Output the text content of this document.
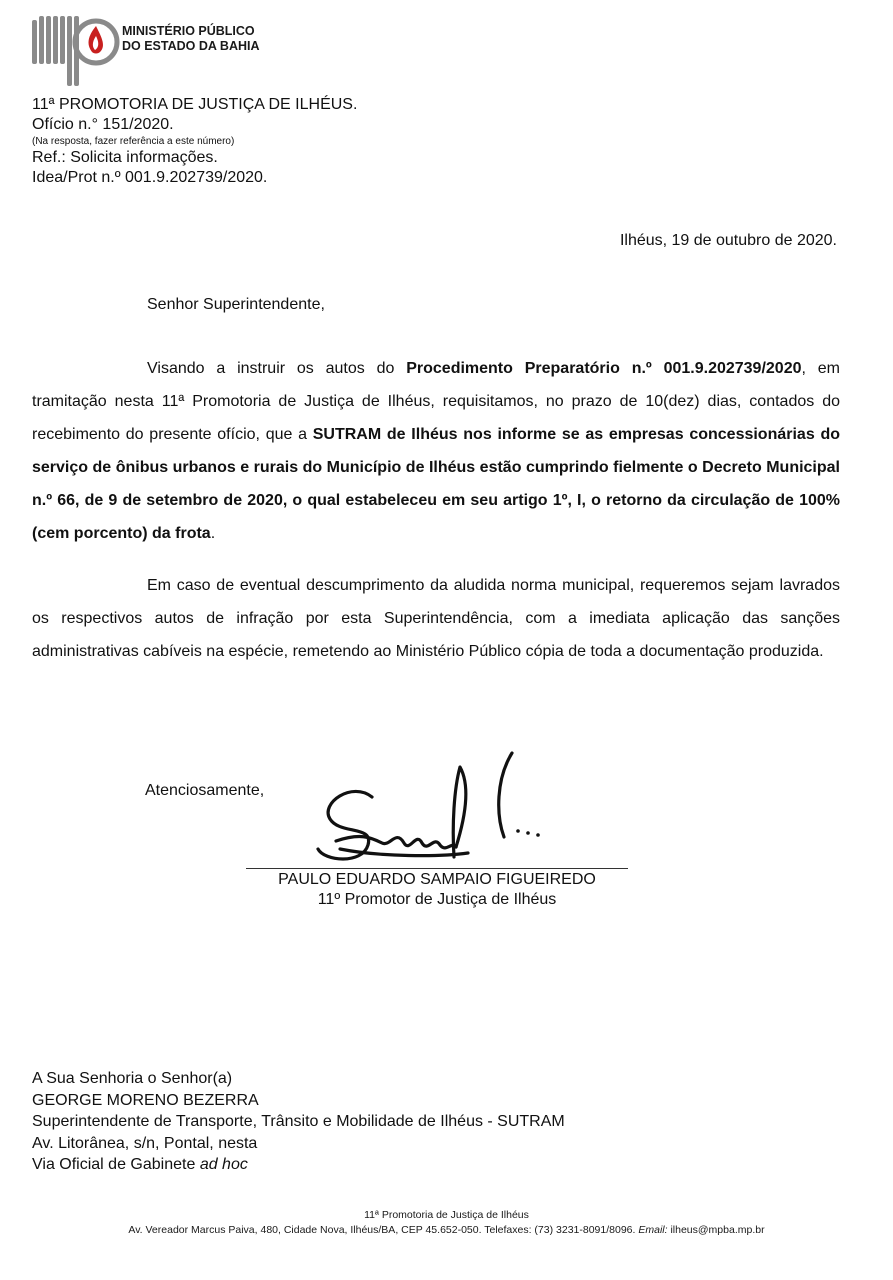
MINISTÉRIO PÚBLICO
DO ESTADO DA BAHIA
11ª PROMOTORIA DE JUSTIÇA DE ILHÉUS.
Ofício n.° 151/2020.
(Na resposta, fazer referência a este número)
Ref.: Solicita informações.
Idea/Prot n.º 001.9.202739/2020.
Ilhéus, 19 de outubro de 2020.
Senhor Superintendente,

Visando a instruir os autos do Procedimento Preparatório n.º 001.9.202739/2020, em tramitação nesta 11ª Promotoria de Justiça de Ilhéus, requisitamos, no prazo de 10(dez) dias, contados do recebimento do presente ofício, que a SUTRAM de Ilhéus nos informe se as empresas concessionárias do serviço de ônibus urbanos e rurais do Município de Ilhéus estão cumprindo fielmente o Decreto Municipal n.º 66, de 9 de setembro de 2020, o qual estabeleceu em seu artigo 1º, I, o retorno da circulação de 100% (cem porcento) da frota.

Em caso de eventual descumprimento da aludida norma municipal, requeremos sejam lavrados os respectivos autos de infração por esta Superintendência, com a imediata aplicação das sanções administrativas cabíveis na espécie, remetendo ao Ministério Público cópia de toda a documentação produzida.

Atenciosamente,
PAULO EDUARDO SAMPAIO FIGUEIREDO
11º Promotor de Justiça de Ilhéus
A Sua Senhoria o Senhor(a)
GEORGE MORENO BEZERRA
Superintendente de Transporte, Trânsito e Mobilidade de Ilhéus - SUTRAM
Av. Litorânea, s/n, Pontal, nesta
Via Oficial de Gabinete ad hoc
11ª Promotoria de Justiça de Ilhéus
Av. Vereador Marcus Paiva, 480, Cidade Nova, Ilhéus/BA, CEP 45.652-050. Telefaxes: (73) 3231-8091/8096. Email: ilheus@mpba.mp.br
